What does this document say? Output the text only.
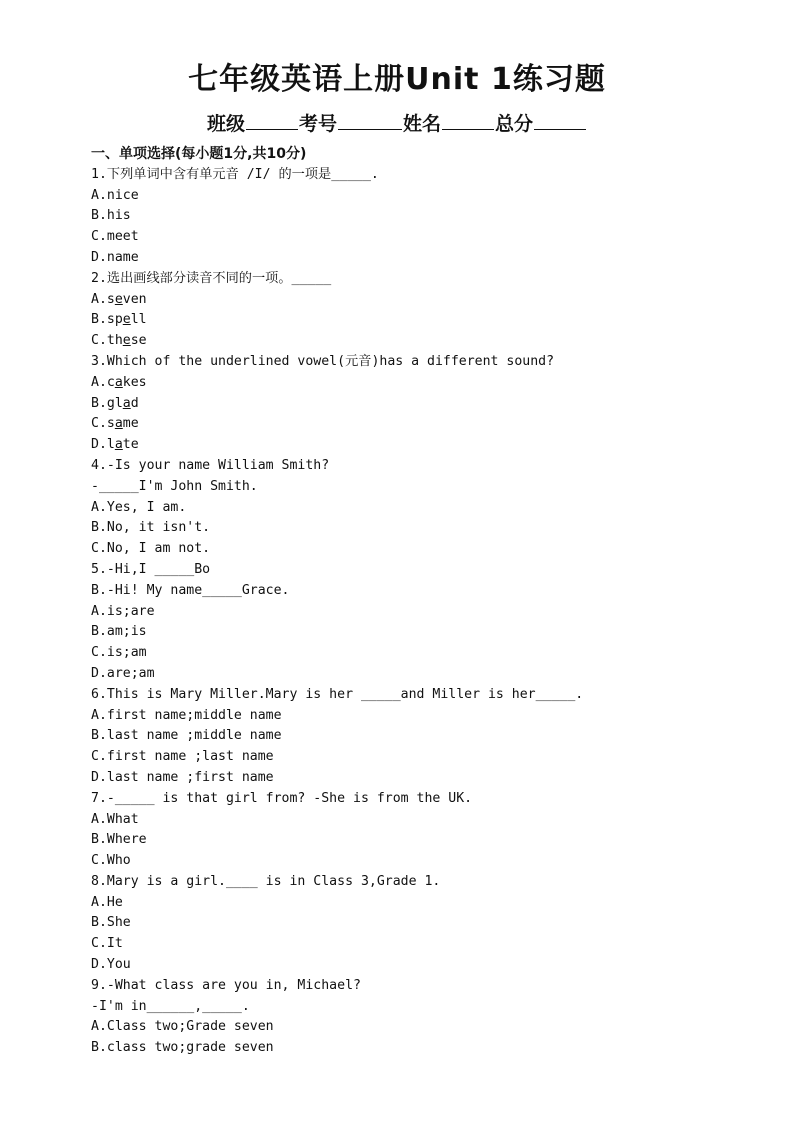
七年级英语上册Unit 1练习题
班级	考号	姓名	总分
一、单项选择(每小题1分,共10分)
1.下列单词中含有单元音 /I/ 的一项是_____.
A.nice
B.his
C.meet
D.name
2.选出画线部分读音不同的一项。_____
A.seven
B.spell
C.these
3.Which of the underlined vowel(元音)has a different sound?
A.cakes
B.glad
C.same
D.late
4.-Is your name William Smith?
-_____I'm John Smith.
A.Yes, I am.
B.No, it isn't.
C.No, I am not.
5.-Hi,I _____Bo
B.-Hi! My name_____Grace.
A.is;are
B.am;is
C.is;am
D.are;am
6.This is Mary Miller.Mary is her _____and Miller is her_____.
A.first name;middle name
B.last name ;middle name
C.first name ;last name
D.last name ;first name
7.-_____ is that girl from? -She is from the UK.
A.What
B.Where
C.Who
8.Mary is a girl.____ is in Class 3,Grade 1.
A.He
B.She
C.It
D.You
9.-What class are you in, Michael?
-I'm in______,_____.
A.Class two;Grade seven
B.class two;grade seven
